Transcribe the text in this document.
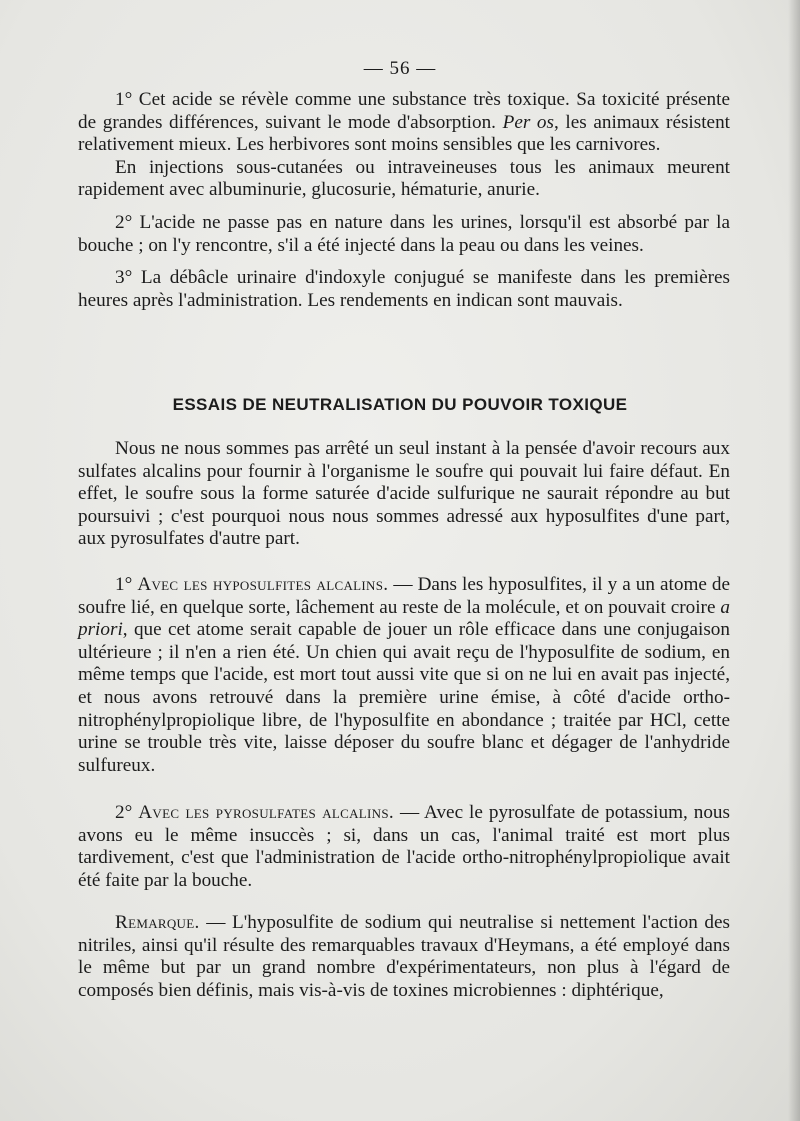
— 56 —

1° Cet acide se révèle comme une substance très toxique. Sa toxicité présente de grandes différences, suivant le mode d'absorption. Per os, les animaux résistent relativement mieux. Les herbivores sont moins sensibles que les carnivores.

En injections sous-cutanées ou intraveineuses tous les animaux meurent rapidement avec albuminurie, glucosurie, hématurie, anurie.

2° L'acide ne passe pas en nature dans les urines, lorsqu'il est absorbé par la bouche ; on l'y rencontre, s'il a été injecté dans la peau ou dans les veines.

3° La débâcle urinaire d'indoxyle conjugué se manifeste dans les premières heures après l'administration. Les rendements en indican sont mauvais.

ESSAIS DE NEUTRALISATION DU POUVOIR TOXIQUE

Nous ne nous sommes pas arrêté un seul instant à la pensée d'avoir recours aux sulfates alcalins pour fournir à l'organisme le soufre qui pouvait lui faire défaut. En effet, le soufre sous la forme saturée d'acide sulfurique ne saurait répondre au but poursuivi ; c'est pourquoi nous nous sommes adressé aux hyposulfites d'une part, aux pyrosulfates d'autre part.

1° Avec les hyposulfites alcalins. — Dans les hyposulfites, il y a un atome de soufre lié, en quelque sorte, lâchement au reste de la molécule, et on pouvait croire a priori, que cet atome serait capable de jouer un rôle efficace dans une conjugaison ultérieure ; il n'en a rien été. Un chien qui avait reçu de l'hyposulfite de sodium, en même temps que l'acide, est mort tout aussi vite que si on ne lui en avait pas injecté, et nous avons retrouvé dans la première urine émise, à côté d'acide ortho-nitrophénylpropiolique libre, de l'hyposulfite en abondance ; traitée par HCl, cette urine se trouble très vite, laisse déposer du soufre blanc et dégager de l'anhydride sulfureux.

2° Avec les pyrosulfates alcalins. — Avec le pyrosulfate de potassium, nous avons eu le même insuccès ; si, dans un cas, l'animal traité est mort plus tardivement, c'est que l'administration de l'acide ortho-nitrophénylpropiolique avait été faite par la bouche.

Remarque. — L'hyposulfite de sodium qui neutralise si nettement l'action des nitriles, ainsi qu'il résulte des remarquables travaux d'Heymans, a été employé dans le même but par un grand nombre d'expérimentateurs, non plus à l'égard de composés bien définis, mais vis-à-vis de toxines microbiennes : diphtérique,
